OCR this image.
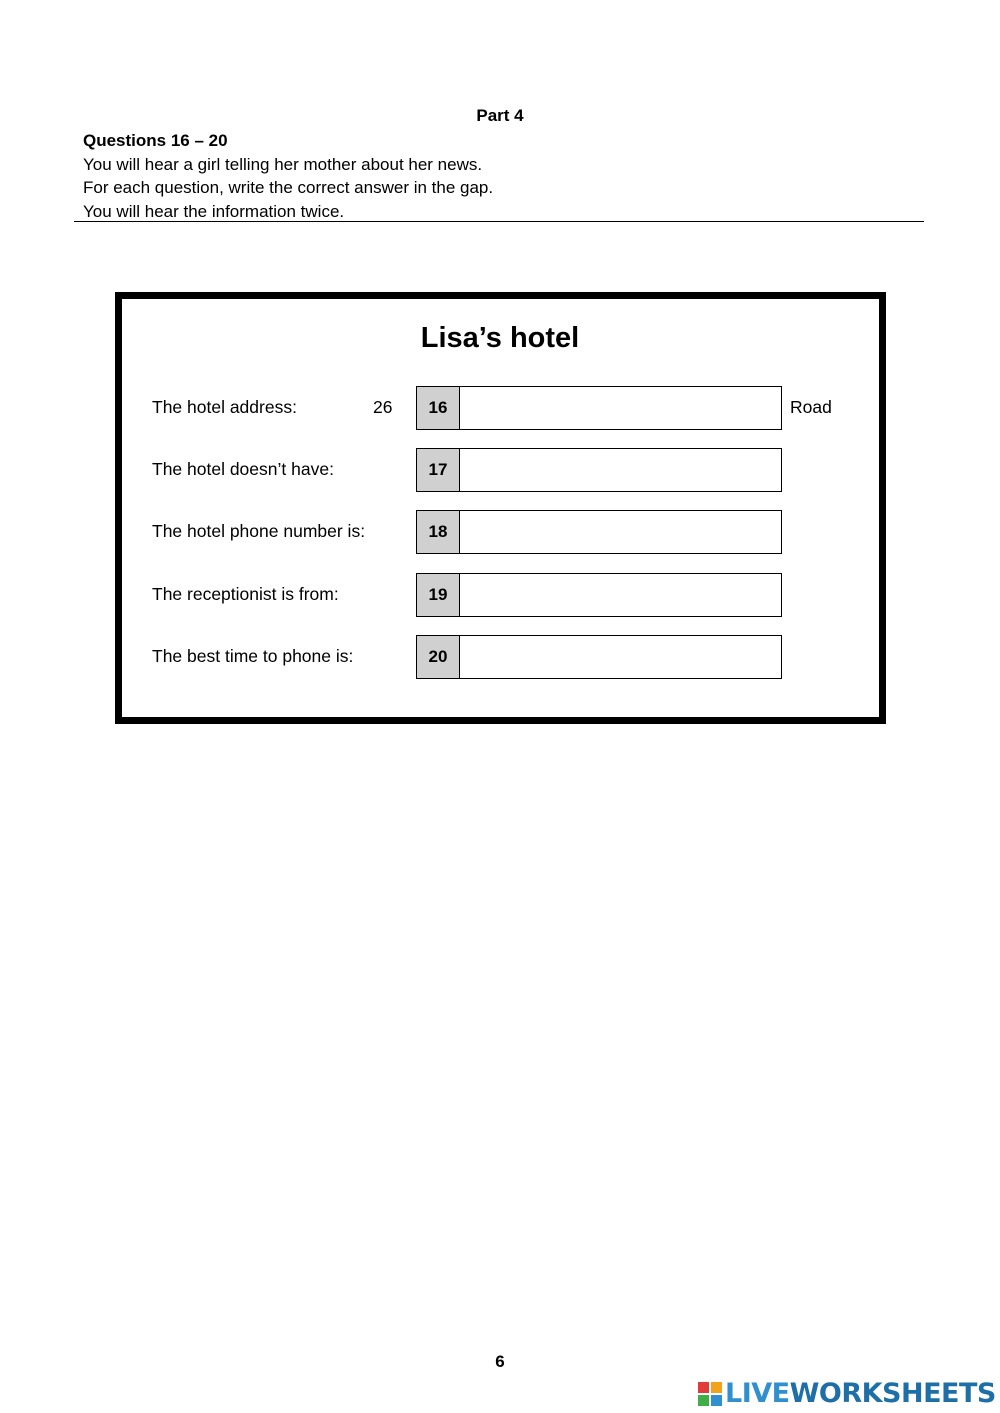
Part 4
Questions 16 – 20
You will hear a girl telling her mother about her news.
For each question, write the correct answer in the gap.
You will hear the information twice.
Lisa’s hotel
The hotel address:	26	16	Road
The hotel doesn’t have:	17
The hotel phone number is:	18
The receptionist is from:	19
The best time to phone is:	20
6
LIVEWORKSHEETS
